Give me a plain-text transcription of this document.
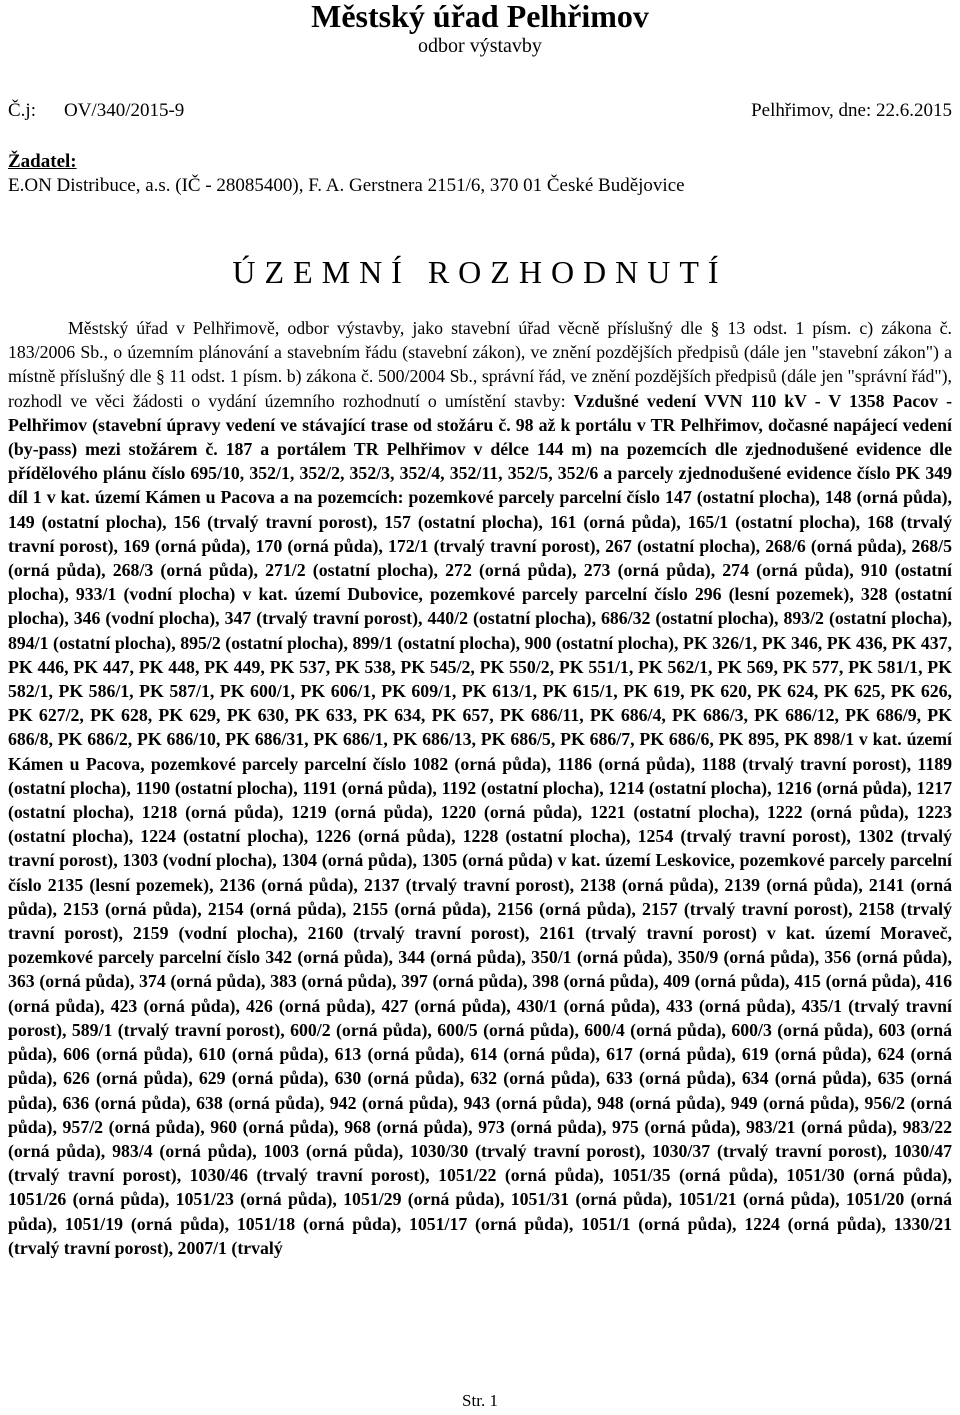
Městský úřad Pelhřimov
odbor výstavby
Č.j: OV/340/2015-9	Pelhřimov, dne: 22.6.2015
Žadatel:
E.ON Distribuce, a.s. (IČ - 28085400), F. A. Gerstnera 2151/6, 370 01 České Budějovice
ÚZEMNÍ ROZHODNUTÍ

Městský úřad v Pelhřimově, odbor výstavby, jako stavební úřad věcně příslušný dle § 13 odst. 1 písm. c) zákona č. 183/2006 Sb., o územním plánování a stavebním řádu (stavební zákon), ve znění pozdějších předpisů (dále jen "stavební zákon") a místně příslušný dle § 11 odst. 1 písm. b) zákona č. 500/2004 Sb., správní řád, ve znění pozdějších předpisů (dále jen "správní řád"), rozhodl ve věci žádosti o vydání územního rozhodnutí o umístění stavby: Vzdušné vedení VVN 110 kV - V 1358 Pacov - Pelhřimov (stavební úpravy vedení ve stávající trase od stožáru č. 98 až k portálu v TR Pelhřimov, dočasné napájecí vedení (by-pass) mezi stožárem č. 187 a portálem TR Pelhřimov v délce 144 m) na pozemcích dle zjednodušené evidence dle přídělového plánu číslo 695/10, 352/1, 352/2, 352/3, 352/4, 352/11, 352/5, 352/6 a parcely zjednodušené evidence číslo PK 349 díl 1 v kat. území Kámen u Pacova a na pozemcích: pozemkové parcely parcelní číslo 147 (ostatní plocha), 148 (orná půda), 149 (ostatní plocha), 156 (trvalý travní porost), 157 (ostatní plocha), 161 (orná půda), 165/1 (ostatní plocha), 168 (trvalý travní porost), 169 (orná půda), 170 (orná půda), 172/1 (trvalý travní porost), 267 (ostatní plocha), 268/6 (orná půda), 268/5 (orná půda), 268/3 (orná půda), 271/2 (ostatní plocha), 272 (orná půda), 273 (orná půda), 274 (orná půda), 910 (ostatní plocha), 933/1 (vodní plocha) v kat. území Dubovice, pozemkové parcely parcelní číslo 296 (lesní pozemek), 328 (ostatní plocha), 346 (vodní plocha), 347 (trvalý travní porost), 440/2 (ostatní plocha), 686/32 (ostatní plocha), 893/2 (ostatní plocha), 894/1 (ostatní plocha), 895/2 (ostatní plocha), 899/1 (ostatní plocha), 900 (ostatní plocha), PK 326/1, PK 346, PK 436, PK 437, PK 446, PK 447, PK 448, PK 449, PK 537, PK 538, PK 545/2, PK 550/2, PK 551/1, PK 562/1, PK 569, PK 577, PK 581/1, PK 582/1, PK 586/1, PK 587/1, PK 600/1, PK 606/1, PK 609/1, PK 613/1, PK 615/1, PK 619, PK 620, PK 624, PK 625, PK 626, PK 627/2, PK 628, PK 629, PK 630, PK 633, PK 634, PK 657, PK 686/11, PK 686/4, PK 686/3, PK 686/12, PK 686/9, PK 686/8, PK 686/2, PK 686/10, PK 686/31, PK 686/1, PK 686/13, PK 686/5, PK 686/7, PK 686/6, PK 895, PK 898/1 v kat. území Kámen u Pacova, pozemkové parcely parcelní číslo 1082 (orná půda), 1186 (orná půda), 1188 (trvalý travní porost), 1189 (ostatní plocha), 1190 (ostatní plocha), 1191 (orná půda), 1192 (ostatní plocha), 1214 (ostatní plocha), 1216 (orná půda), 1217 (ostatní plocha), 1218 (orná půda), 1219 (orná půda), 1220 (orná půda), 1221 (ostatní plocha), 1222 (orná půda), 1223 (ostatní plocha), 1224 (ostatní plocha), 1226 (orná půda), 1228 (ostatní plocha), 1254 (trvalý travní porost), 1302 (trvalý travní porost), 1303 (vodní plocha), 1304 (orná půda), 1305 (orná půda) v kat. území Leskovice, pozemkové parcely parcelní číslo 2135 (lesní pozemek), 2136 (orná půda), 2137 (trvalý travní porost), 2138 (orná půda), 2139 (orná půda), 2141 (orná půda), 2153 (orná půda), 2154 (orná půda), 2155 (orná půda), 2156 (orná půda), 2157 (trvalý travní porost), 2158 (trvalý travní porost), 2159 (vodní plocha), 2160 (trvalý travní porost), 2161 (trvalý travní porost) v kat. území Moraveč, pozemkové parcely parcelní číslo 342 (orná půda), 344 (orná půda), 350/1 (orná půda), 350/9 (orná půda), 356 (orná půda), 363 (orná půda), 374 (orná půda), 383 (orná půda), 397 (orná půda), 398 (orná půda), 409 (orná půda), 415 (orná půda), 416 (orná půda), 423 (orná půda), 426 (orná půda), 427 (orná půda), 430/1 (orná půda), 433 (orná půda), 435/1 (trvalý travní porost), 589/1 (trvalý travní porost), 600/2 (orná půda), 600/5 (orná půda), 600/4 (orná půda), 600/3 (orná půda), 603 (orná půda), 606 (orná půda), 610 (orná půda), 613 (orná půda), 614 (orná půda), 617 (orná půda), 619 (orná půda), 624 (orná půda), 626 (orná půda), 629 (orná půda), 630 (orná půda), 632 (orná půda), 633 (orná půda), 634 (orná půda), 635 (orná půda), 636 (orná půda), 638 (orná půda), 942 (orná půda), 943 (orná půda), 948 (orná půda), 949 (orná půda), 956/2 (orná půda), 957/2 (orná půda), 960 (orná půda), 968 (orná půda), 973 (orná půda), 975 (orná půda), 983/21 (orná půda), 983/22 (orná půda), 983/4 (orná půda), 1003 (orná půda), 1030/30 (trvalý travní porost), 1030/37 (trvalý travní porost), 1030/47 (trvalý travní porost), 1030/46 (trvalý travní porost), 1051/22 (orná půda), 1051/35 (orná půda), 1051/30 (orná půda), 1051/26 (orná půda), 1051/23 (orná půda), 1051/29 (orná půda), 1051/31 (orná půda), 1051/21 (orná půda), 1051/20 (orná půda), 1051/19 (orná půda), 1051/18 (orná půda), 1051/17 (orná půda), 1051/1 (orná půda), 1224 (orná půda), 1330/21 (trvalý travní porost), 2007/1 (trvalý

Str. 1
